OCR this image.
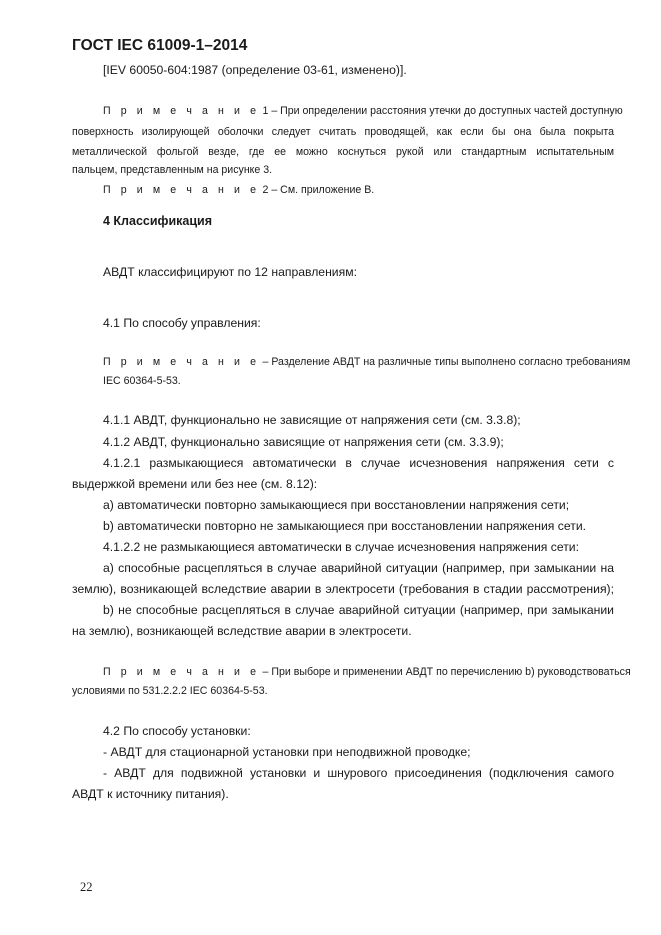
ГОСТ IEC 61009-1–2014
[IEV 60050-604:1987 (определение 03-61, изменено)].
П р и м е ч а н и е 1 – При определении расстояния утечки до доступных частей доступную
поверхность изолирующей оболочки следует считать проводящей, как если бы она была покрыта
металлической фольгой везде, где ее можно коснуться рукой или стандартным испытательным
пальцем, представленным на рисунке 3.
П р и м е ч а н и е 2 – См. приложение В.
4 Классификация
АВДТ классифицируют по 12 направлениям:
4.1 По способу управления:
П р и м е ч а н и е – Разделение АВДТ на различные типы выполнено согласно требованиям
IEC 60364-5-53.
4.1.1 АВДТ, функционально не зависящие от напряжения сети (см. 3.3.8);
4.1.2 АВДТ, функционально зависящие от напряжения сети (см. 3.3.9);
4.1.2.1 размыкающиеся автоматически в случае исчезновения напряжения сети с
выдержкой времени или без нее (см. 8.12):
a) автоматически повторно замыкающиеся при восстановлении напряжения сети;
b) автоматически повторно не замыкающиеся при восстановлении напряжения сети.
4.1.2.2 не размыкающиеся автоматически в случае исчезновения напряжения сети:
a) способные расцепляться в случае аварийной ситуации (например, при замыкании на
землю), возникающей вследствие аварии в электросети (требования в стадии рассмотрения);
b) не способные расцепляться в случае аварийной ситуации (например, при замыкании
на землю), возникающей вследствие аварии в электросети.
П р и м е ч а н и е – При выборе и применении АВДТ по перечислению b) руководствоваться
условиями по 531.2.2.2 IEC 60364-5-53.
4.2 По способу установки:
- АВДТ для стационарной установки при неподвижной проводке;
- АВДТ для подвижной установки и шнурового присоединения (подключения самого
АВДТ к источнику питания).
22
